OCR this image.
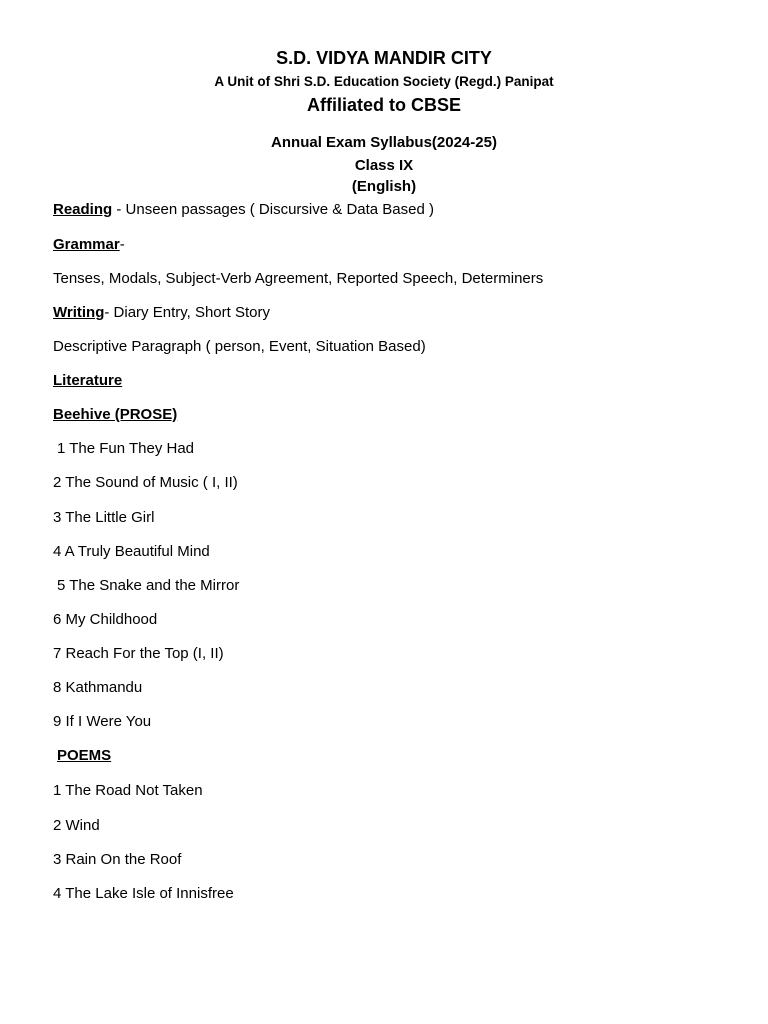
S.D. VIDYA MANDIR CITY
A Unit of Shri S.D. Education Society (Regd.) Panipat
Affiliated to CBSE
Annual Exam Syllabus(2024-25)
Class IX
(English)
Reading - Unseen passages ( Discursive & Data Based )
Grammar-
Tenses, Modals, Subject-Verb Agreement, Reported Speech, Determiners
Writing- Diary Entry, Short Story
Descriptive Paragraph ( person, Event, Situation Based)
Literature
Beehive (PROSE)
1 The Fun They Had
2 The Sound of Music ( I, II)
3 The Little Girl
4 A Truly Beautiful Mind
5 The Snake and the Mirror
6 My Childhood
7 Reach For the Top (I, II)
8 Kathmandu
9 If I Were You
POEMS
1 The Road Not Taken
2 Wind
3 Rain On the Roof
4 The Lake Isle of Innisfree
